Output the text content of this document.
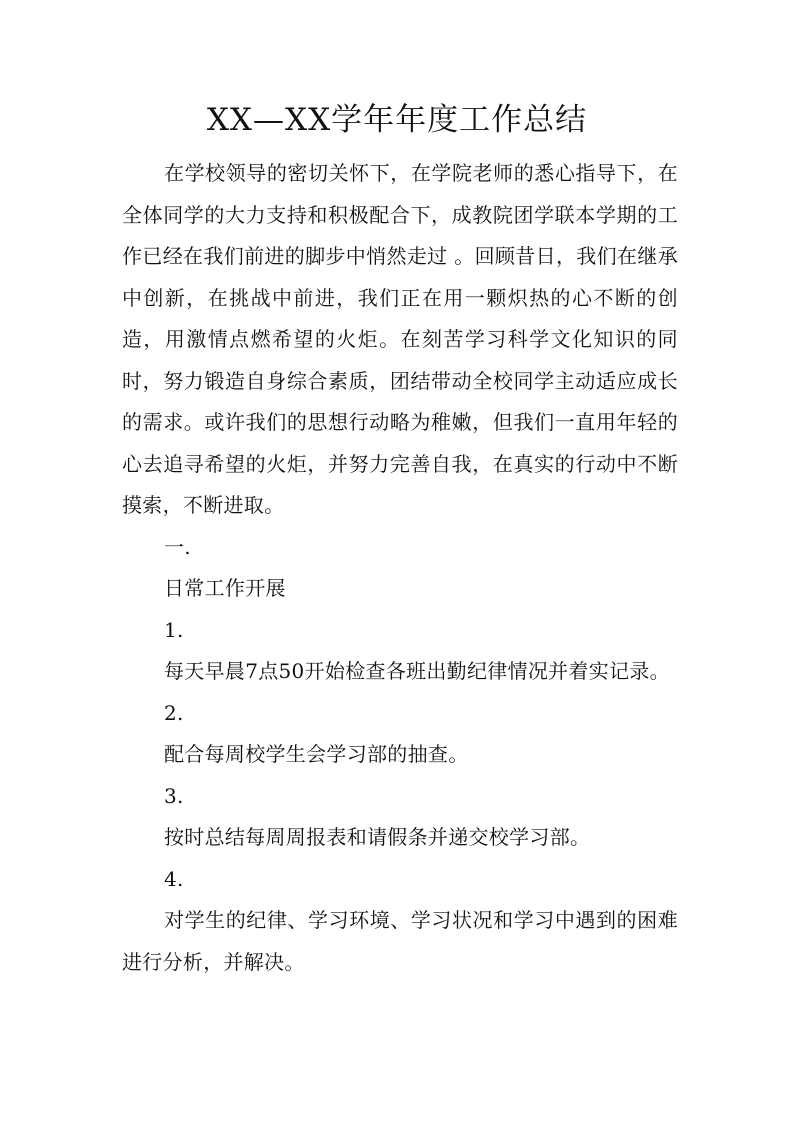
XX—XX学年年度工作总结

在学校领导的密切关怀下，在学院老师的悉心指导下，在全体同学的大力支持和积极配合下，成教院团学联本学期的工作已经在我们前进的脚步中悄然走过 。回顾昔日，我们在继承中创新，在挑战中前进，我们正在用一颗炽热的心不断的创造，用激情点燃希望的火炬。在刻苦学习科学文化知识的同时，努力锻造自身综合素质，团结带动全校同学主动适应成长的需求。或许我们的思想行动略为稚嫩，但我们一直用年轻的心去追寻希望的火炬，并努力完善自我，在真实的行动中不断摸索，不断进取。

一.

日常工作开展

1.

每天早晨7点50开始检查各班出勤纪律情况并着实记录。

2.

配合每周校学生会学习部的抽查。

3.

按时总结每周周报表和请假条并递交校学习部。

4.

对学生的纪律、学习环境、学习状况和学习中遇到的困难进行分析，并解决。
